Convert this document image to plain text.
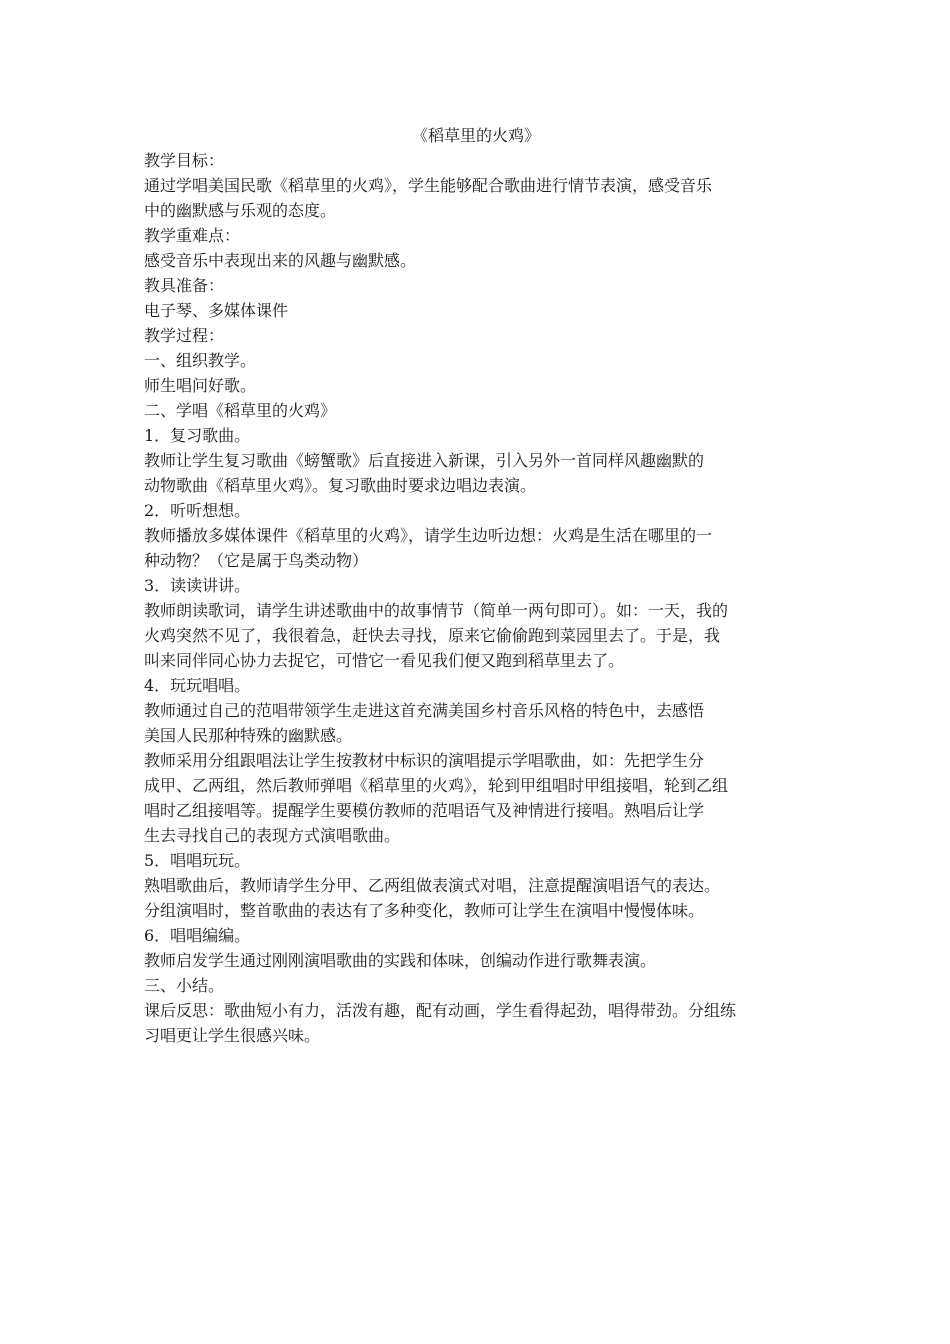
《稻草里的火鸡》

教学目标：

通过学唱美国民歌《稻草里的火鸡》，学生能够配合歌曲进行情节表演，感受音乐

中的幽默感与乐观的态度。

教学重难点：

感受音乐中表现出来的风趣与幽默感。

教具准备：

电子琴、多媒体课件

教学过程：

一、组织教学。

师生唱问好歌。

二、学唱《稻草里的火鸡》

1．复习歌曲。

教师让学生复习歌曲《螃蟹歌》后直接进入新课，引入另外一首同样风趣幽默的

动物歌曲《稻草里火鸡》。复习歌曲时要求边唱边表演。

2．听听想想。

教师播放多媒体课件《稻草里的火鸡》，请学生边听边想：火鸡是生活在哪里的一

种动物？（它是属于鸟类动物）

3．读读讲讲。

教师朗读歌词，请学生讲述歌曲中的故事情节（简单一两句即可）。如：一天，我的

火鸡突然不见了，我很着急，赶快去寻找，原来它偷偷跑到菜园里去了。于是，我

叫来同伴同心协力去捉它，可惜它一看见我们便又跑到稻草里去了。

4．玩玩唱唱。

教师通过自己的范唱带领学生走进这首充满美国乡村音乐风格的特色中，去感悟

美国人民那种特殊的幽默感。

教师采用分组跟唱法让学生按教材中标识的演唱提示学唱歌曲，如：先把学生分

成甲、乙两组，然后教师弹唱《稻草里的火鸡》，轮到甲组唱时甲组接唱，轮到乙组

唱时乙组接唱等。提醒学生要模仿教师的范唱语气及神情进行接唱。熟唱后让学

生去寻找自己的表现方式演唱歌曲。

5．唱唱玩玩。

熟唱歌曲后，教师请学生分甲、乙两组做表演式对唱，注意提醒演唱语气的表达。

分组演唱时，整首歌曲的表达有了多种变化，教师可让学生在演唱中慢慢体味。

6．唱唱编编。

教师启发学生通过刚刚演唱歌曲的实践和体味，创编动作进行歌舞表演。

三、小结。

课后反思：歌曲短小有力，活泼有趣，配有动画，学生看得起劲，唱得带劲。分组练

习唱更让学生很感兴味。
